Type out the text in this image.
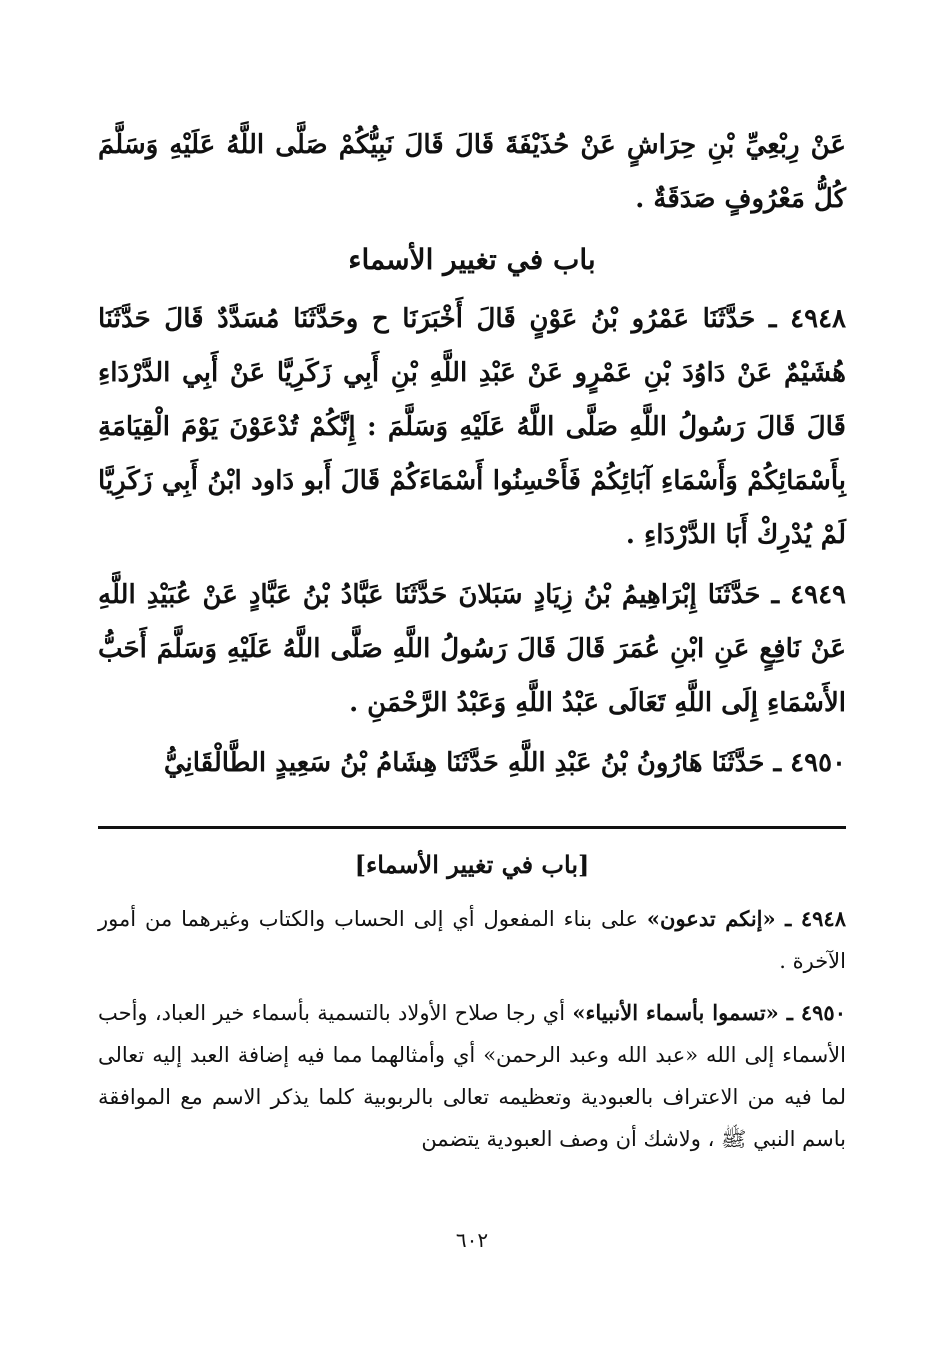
عَنْ رِبْعِيِّ بْنِ حِرَاشٍ عَنْ حُذَيْفَةَ قَالَ قَالَ نَبِيُّكُمْ صَلَّى اللَّهُ عَلَيْهِ وَسَلَّمَ كُلُّ مَعْرُوفٍ صَدَقَةٌ .

باب في تغيير الأسماء

٤٩٤٨ ـ حَدَّثَنَا عَمْرُو بْنُ عَوْنٍ قَالَ أَخْبَرَنَا ح وحَدَّثَنَا مُسَدَّدٌ قَالَ حَدَّثَنَا هُشَيْمٌ عَنْ دَاوُدَ بْنِ عَمْرٍو عَنْ عَبْدِ اللَّهِ بْنِ أَبِي زَكَرِيَّا عَنْ أَبِي الدَّرْدَاءِ قَالَ قَالَ رَسُولُ اللَّهِ صَلَّى اللَّهُ عَلَيْهِ وَسَلَّمَ : إِنَّكُمْ تُدْعَوْنَ يَوْمَ الْقِيَامَةِ بِأَسْمَائِكُمْ وَأَسْمَاءِ آبَائِكُمْ فَأَحْسِنُوا أَسْمَاءَكُمْ قَالَ أَبو دَاود ابْنُ أَبِي زَكَرِيَّا لَمْ يُدْرِكْ أَبَا الدَّرْدَاءِ .

٤٩٤٩ ـ حَدَّثَنَا إِبْرَاهِيمُ بْنُ زِيَادٍ سَبَلانَ حَدَّثَنَا عَبَّادُ بْنُ عَبَّادٍ عَنْ عُبَيْدِ اللَّهِ عَنْ نَافِعٍ عَنِ ابْنِ عُمَرَ قَالَ قَالَ رَسُولُ اللَّهِ صَلَّى اللَّهُ عَلَيْهِ وَسَلَّمَ أَحَبُّ الأَسْمَاءِ إِلَى اللَّهِ تَعَالَى عَبْدُ اللَّهِ وَعَبْدُ الرَّحْمَنِ .

٤٩٥٠ ـ حَدَّثَنَا هَارُونُ بْنُ عَبْدِ اللَّهِ حَدَّثَنَا هِشَامُ بْنُ سَعِيدٍ الطَّالْقَانِيُّ

[باب في تغيير الأسماء]

٤٩٤٨ ـ «إنكم تدعون» على بناء المفعول أي إلى الحساب والكتاب وغيرهما من أمور الآخرة .

٤٩٥٠ ـ «تسموا بأسماء الأنبياء» أي رجا صلاح الأولاد بالتسمية بأسماء خير العباد، وأحب الأسماء إلى الله «عبد الله وعبد الرحمن» أي وأمثالهما مما فيه إضافة العبد إليه تعالى لما فيه من الاعتراف بالعبودية وتعظيمه تعالى بالربوبية كلما يذكر الاسم مع الموافقة باسم النبي ﷺ ، ولاشك أن وصف العبودية يتضمن

٦٠٢
